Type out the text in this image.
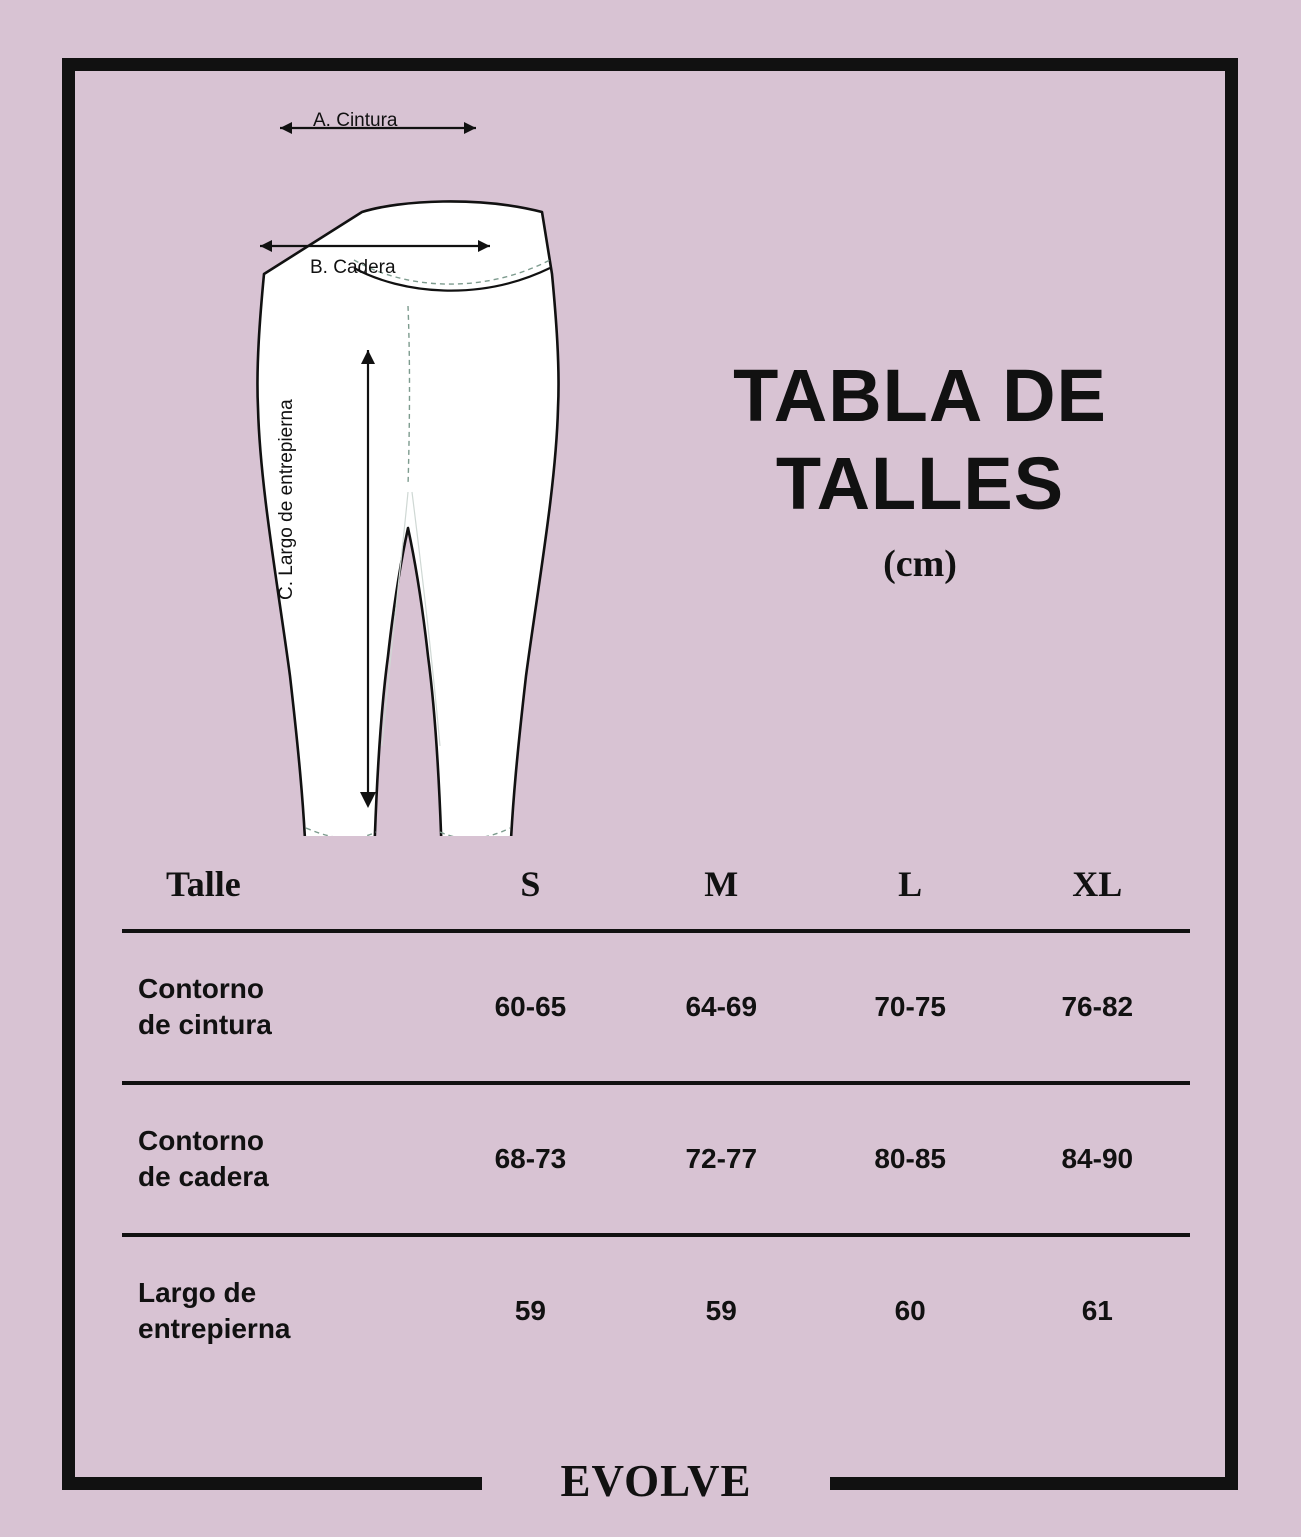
A. Cintura
B. Cadera
C. Largo de entrepierna
TABLA DE TALLES
(cm)
Talle	S	M	L	XL

Contorno
de cintura	60-65	64-69	70-75	76-82

Contorno
de cadera	68-73	72-77	80-85	84-90

Largo de
entrepierna	59	59	60	61
EVOLVE
